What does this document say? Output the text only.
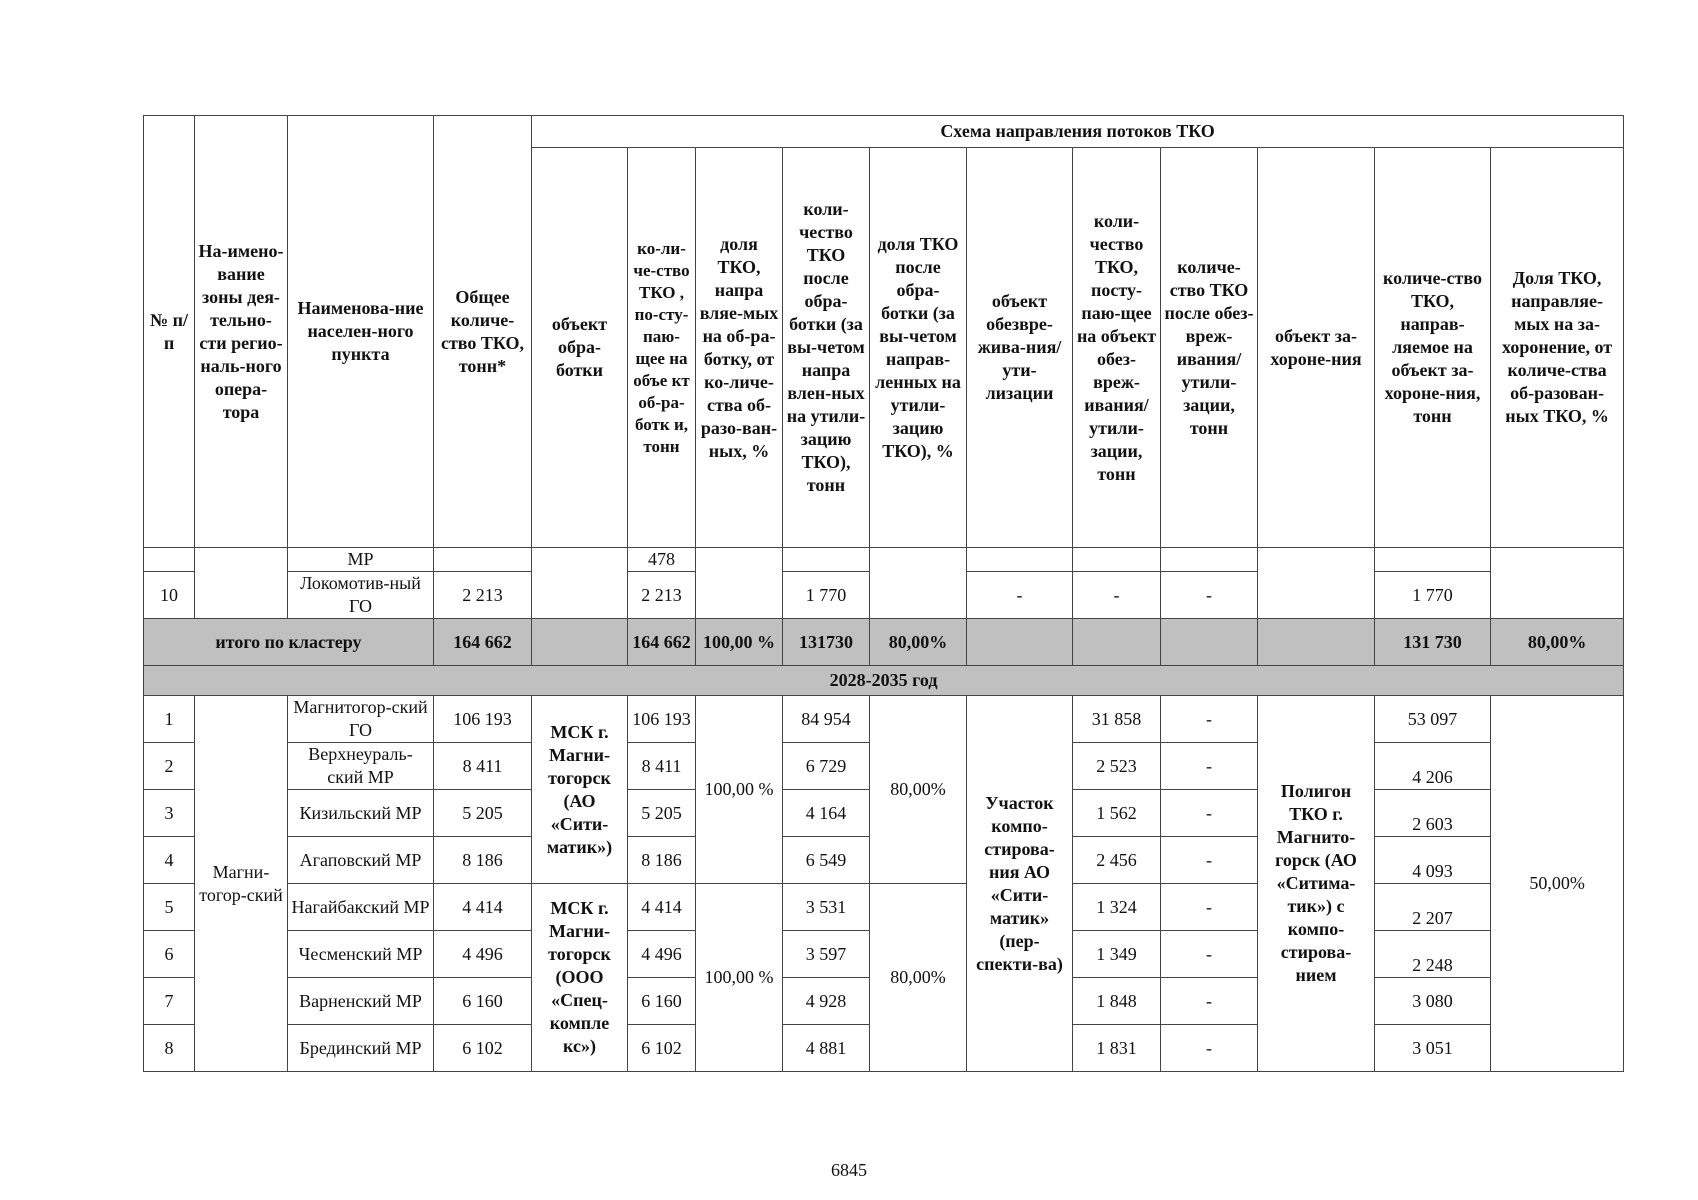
№ п/п	На-имено-вание зоны дея-тельно-сти регио-наль-ного опера-тора	Наименова-ние населен-ного пункта	Общее количе-ство ТКО, тонн*	Схема направления потоков ТКО										
				объект обра-ботки	ко-ли-че-ство ТКО , по-сту-паю-щее на объе кт об-ра-ботк и, тонн	доля ТКО, напра вляе-мых на об-ра-ботку, от ко-личе-ства об-разо-ван-ных, %	коли-чество ТКО после обра-ботки (за вы-четом напра влен-ных на утили-зацию ТКО), тонн	доля ТКО после обра-ботки (за вы-четом направ-ленных на утили-зацию ТКО), %	объект обезвре-жива-ния/ути-лизации	коли-чество ТКО, посту-паю-щее на объект обез-вреж-ивания/ утили-зации, тонн	количе-ство ТКО после обез-вреж-ивания/ утили-зации, тонн	объект за-хороне-ния	количе-ство ТКО, направ-ляемое на объект за-хороне-ния, тонн	Доля ТКО, направляе-мых на за-хоронение, от количе-ства об-разован-ных ТКО, %
		МР			478									
10		Локомотив-ный ГО	2 213		2 213		1 770		-	-	-		1 770	
итого по кластеру			164 662		164 662	100,00 %	131730	80,00%					131 730	80,00%
2028-2035 год														
1	Магни-тогор-ский	Магнитогор-ский ГО	106 193	МСК г. Магни-тогорск (АО «Сити-матик»)	106 193	100,00 %	84 954	80,00%	Участок компо-стирова-ния АО «Сити-матик» (пер-спекти-ва)	31 858	-	Полигон ТКО г. Магнито-горск (АО «Ситима-тик») с компо-стирова-нием	53 097	50,00%
2		Верхнеураль-ский МР	8 411		8 411		6 729			2 523	-		4 206	
3		Кизильский МР	5 205		5 205		4 164			1 562	-		2 603	
4		Агаповский МР	8 186		8 186		6 549			2 456	-		4 093	
5		Нагайбакский МР	4 414	МСК г. Магни-тогорск (ООО «Спец-компле кс»)	4 414	100,00 %	3 531	80,00%		1 324	-		2 207	
6		Чесменский МР	4 496		4 496		3 597			1 349	-		2 248	
7		Варненский МР	6 160		6 160		4 928			1 848	-		3 080	
8		Брединский МР	6 102		6 102		4 881			1 831	-		3 051	
6845
